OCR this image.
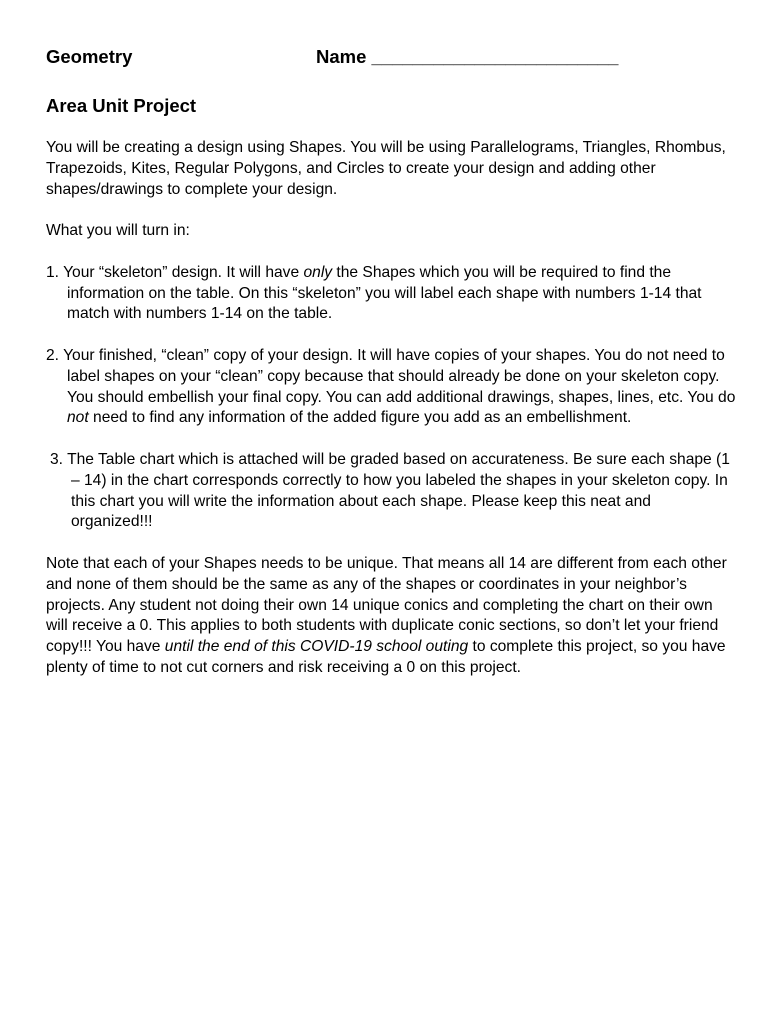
Geometry	Name ________________________
Area Unit Project

You will be creating a design using Shapes. You will be using Parallelograms, Triangles, Rhombus, Trapezoids, Kites, Regular Polygons, and Circles to create your design and adding other shapes/drawings to complete your design.

What you will turn in:

1. Your “skeleton” design. It will have only the Shapes which you will be required to find the information on the table. On this “skeleton” you will label each shape with numbers 1-14 that match with numbers 1-14 on the table.

2. Your finished, “clean” copy of your design. It will have copies of your shapes. You do not need to label shapes on your “clean” copy because that should already be done on your skeleton copy. You should embellish your final copy. You can add additional drawings, shapes, lines, etc. You do not need to find any information of the added figure you add as an embellishment.

3. The Table chart which is attached will be graded based on accurateness. Be sure each shape (1 – 14) in the chart corresponds correctly to how you labeled the shapes in your skeleton copy. In this chart you will write the information about each shape. Please keep this neat and organized!!!

Note that each of your Shapes needs to be unique. That means all 14 are different from each other and none of them should be the same as any of the shapes or coordinates in your neighbor’s projects. Any student not doing their own 14 unique conics and completing the chart on their own will receive a 0. This applies to both students with duplicate conic sections, so don’t let your friend copy!!! You have until the end of this COVID-19 school outing to complete this project, so you have plenty of time to not cut corners and risk receiving a 0 on this project.
